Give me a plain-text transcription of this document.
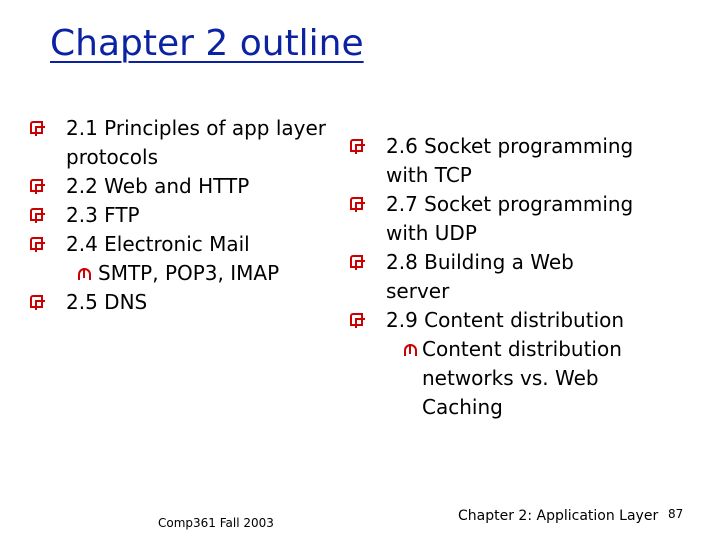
Chapter 2 outline
2.1 Principles of app layer
protocols
2.2 Web and HTTP
2.3 FTP
2.4 Electronic Mail
SMTP, POP3, IMAP
2.5 DNS
2.6 Socket programming
with TCP
2.7 Socket programming
with UDP
2.8 Building a Web
server
2.9 Content distribution
Content distribution
networks vs. Web
Caching
Comp361 Fall 2003	Chapter 2: Application Layer 87
